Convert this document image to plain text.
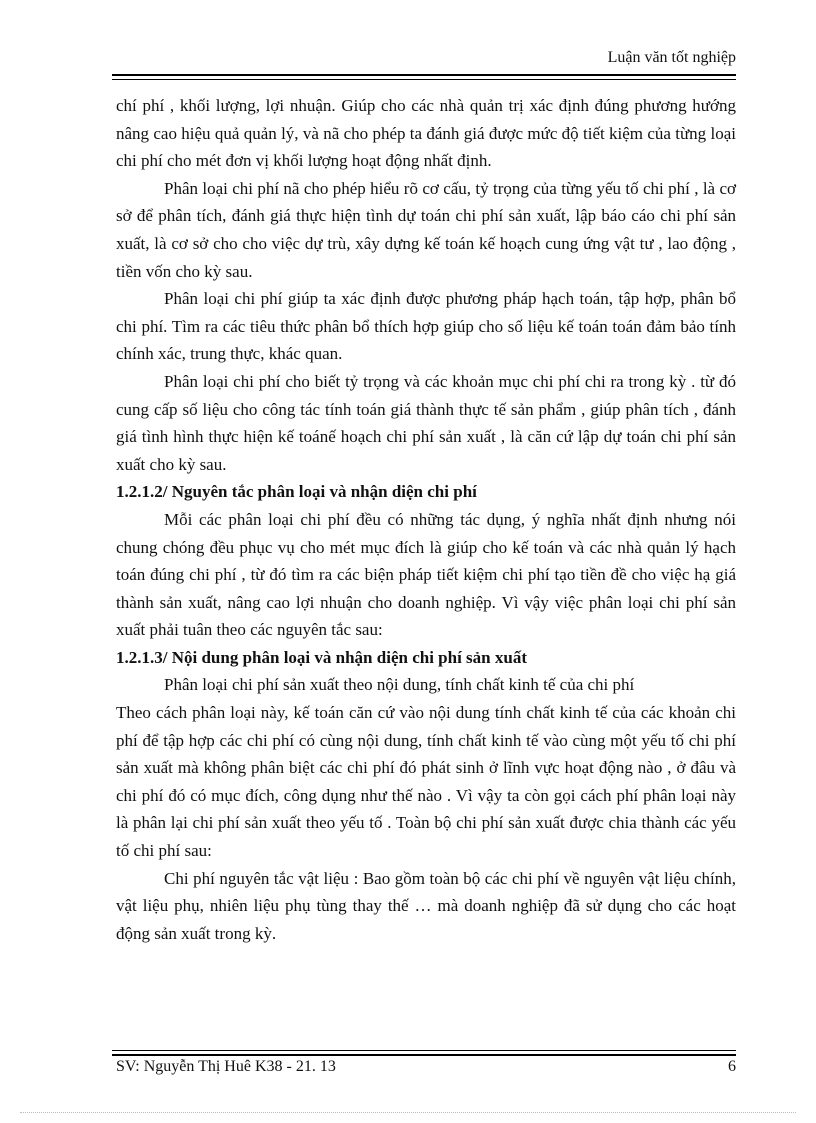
Luận văn tốt nghiệp

chí phí , khối lượng, lợi nhuận. Giúp cho các nhà quản trị xác định đúng phương hướng nâng cao hiệu quả quản lý, và nã cho phép ta đánh giá được mức độ tiết kiệm của từng loại chi phí cho mét đơn vị khối lượng hoạt động nhất định.

Phân loại chi phí nã cho phép hiểu rõ cơ cấu, tỷ trọng của từng yếu tố chi phí , là cơ sở để phân tích, đánh giá thực hiện tình dự toán chi phí sản xuất, lập báo cáo chi phí sản xuất, là cơ sở cho cho việc dự trù, xây dựng kế toán kế hoạch cung ứng vật tư , lao động , tiền vốn cho kỳ sau.

Phân loại chi phí giúp ta xác định được phương pháp hạch toán, tập hợp, phân bổ chi phí. Tìm ra các tiêu thức phân bổ thích hợp giúp cho số liệu kế toán toán đảm bảo tính chính xác, trung thực, khác quan.

Phân loại chi phí cho biết tỷ trọng và các khoản mục chi phí chi ra trong kỳ . từ đó cung cấp số liệu cho công tác tính toán giá thành thực tế sản phẩm , giúp phân tích , đánh giá tình hình thực hiện kế toánế hoạch chi phí sản xuất , là căn cứ lập dự toán chi phí sản xuất cho kỳ sau.

1.2.1.2/ Nguyên tắc phân loại và nhận diện chi phí

Mỗi các phân loại chi phí đều có những tác dụng, ý nghĩa nhất định nhưng nói chung chóng đều phục vụ cho mét mục đích là giúp cho kế toán và các nhà quản lý hạch toán đúng chi phí , từ đó tìm ra các biện pháp tiết kiệm chi phí tạo tiền đề cho việc hạ giá thành sản xuất, nâng cao lợi nhuận cho doanh nghiệp. Vì vậy việc phân loại chi phí sản xuất phải tuân theo các nguyên tắc sau:

1.2.1.3/ Nội dung phân loại và nhận diện chi phí sản xuất

Phân loại chi phí sản xuất theo nội dung, tính chất kinh tế của chi phí

Theo cách phân loại này, kế toán căn cứ vào nội dung tính chất kinh tế của các khoản chi phí để tập hợp các chi phí có cùng nội dung, tính chất kinh tế vào cùng một yếu tố chi phí sản xuất mà không phân biệt các chi phí đó phát sinh ở lĩnh vực hoạt động nào , ở đâu và chi phí đó có mục đích, công dụng như thế nào . Vì vậy ta còn gọi cách phí phân loại này là phân lại chi phí sản xuất theo yếu tố . Toàn bộ chi phí sản xuất được chia thành các yếu tố chi phí sau:

Chi phí nguyên tắc vật liệu : Bao gồm toàn bộ các chi phí về nguyên vật liệu chính, vật liệu phụ, nhiên liệu phụ tùng thay thế … mà doanh nghiệp đã sử dụng cho các hoạt động sản xuất trong kỳ.

SV: Nguyễn Thị Huê K38 - 21. 13	6
